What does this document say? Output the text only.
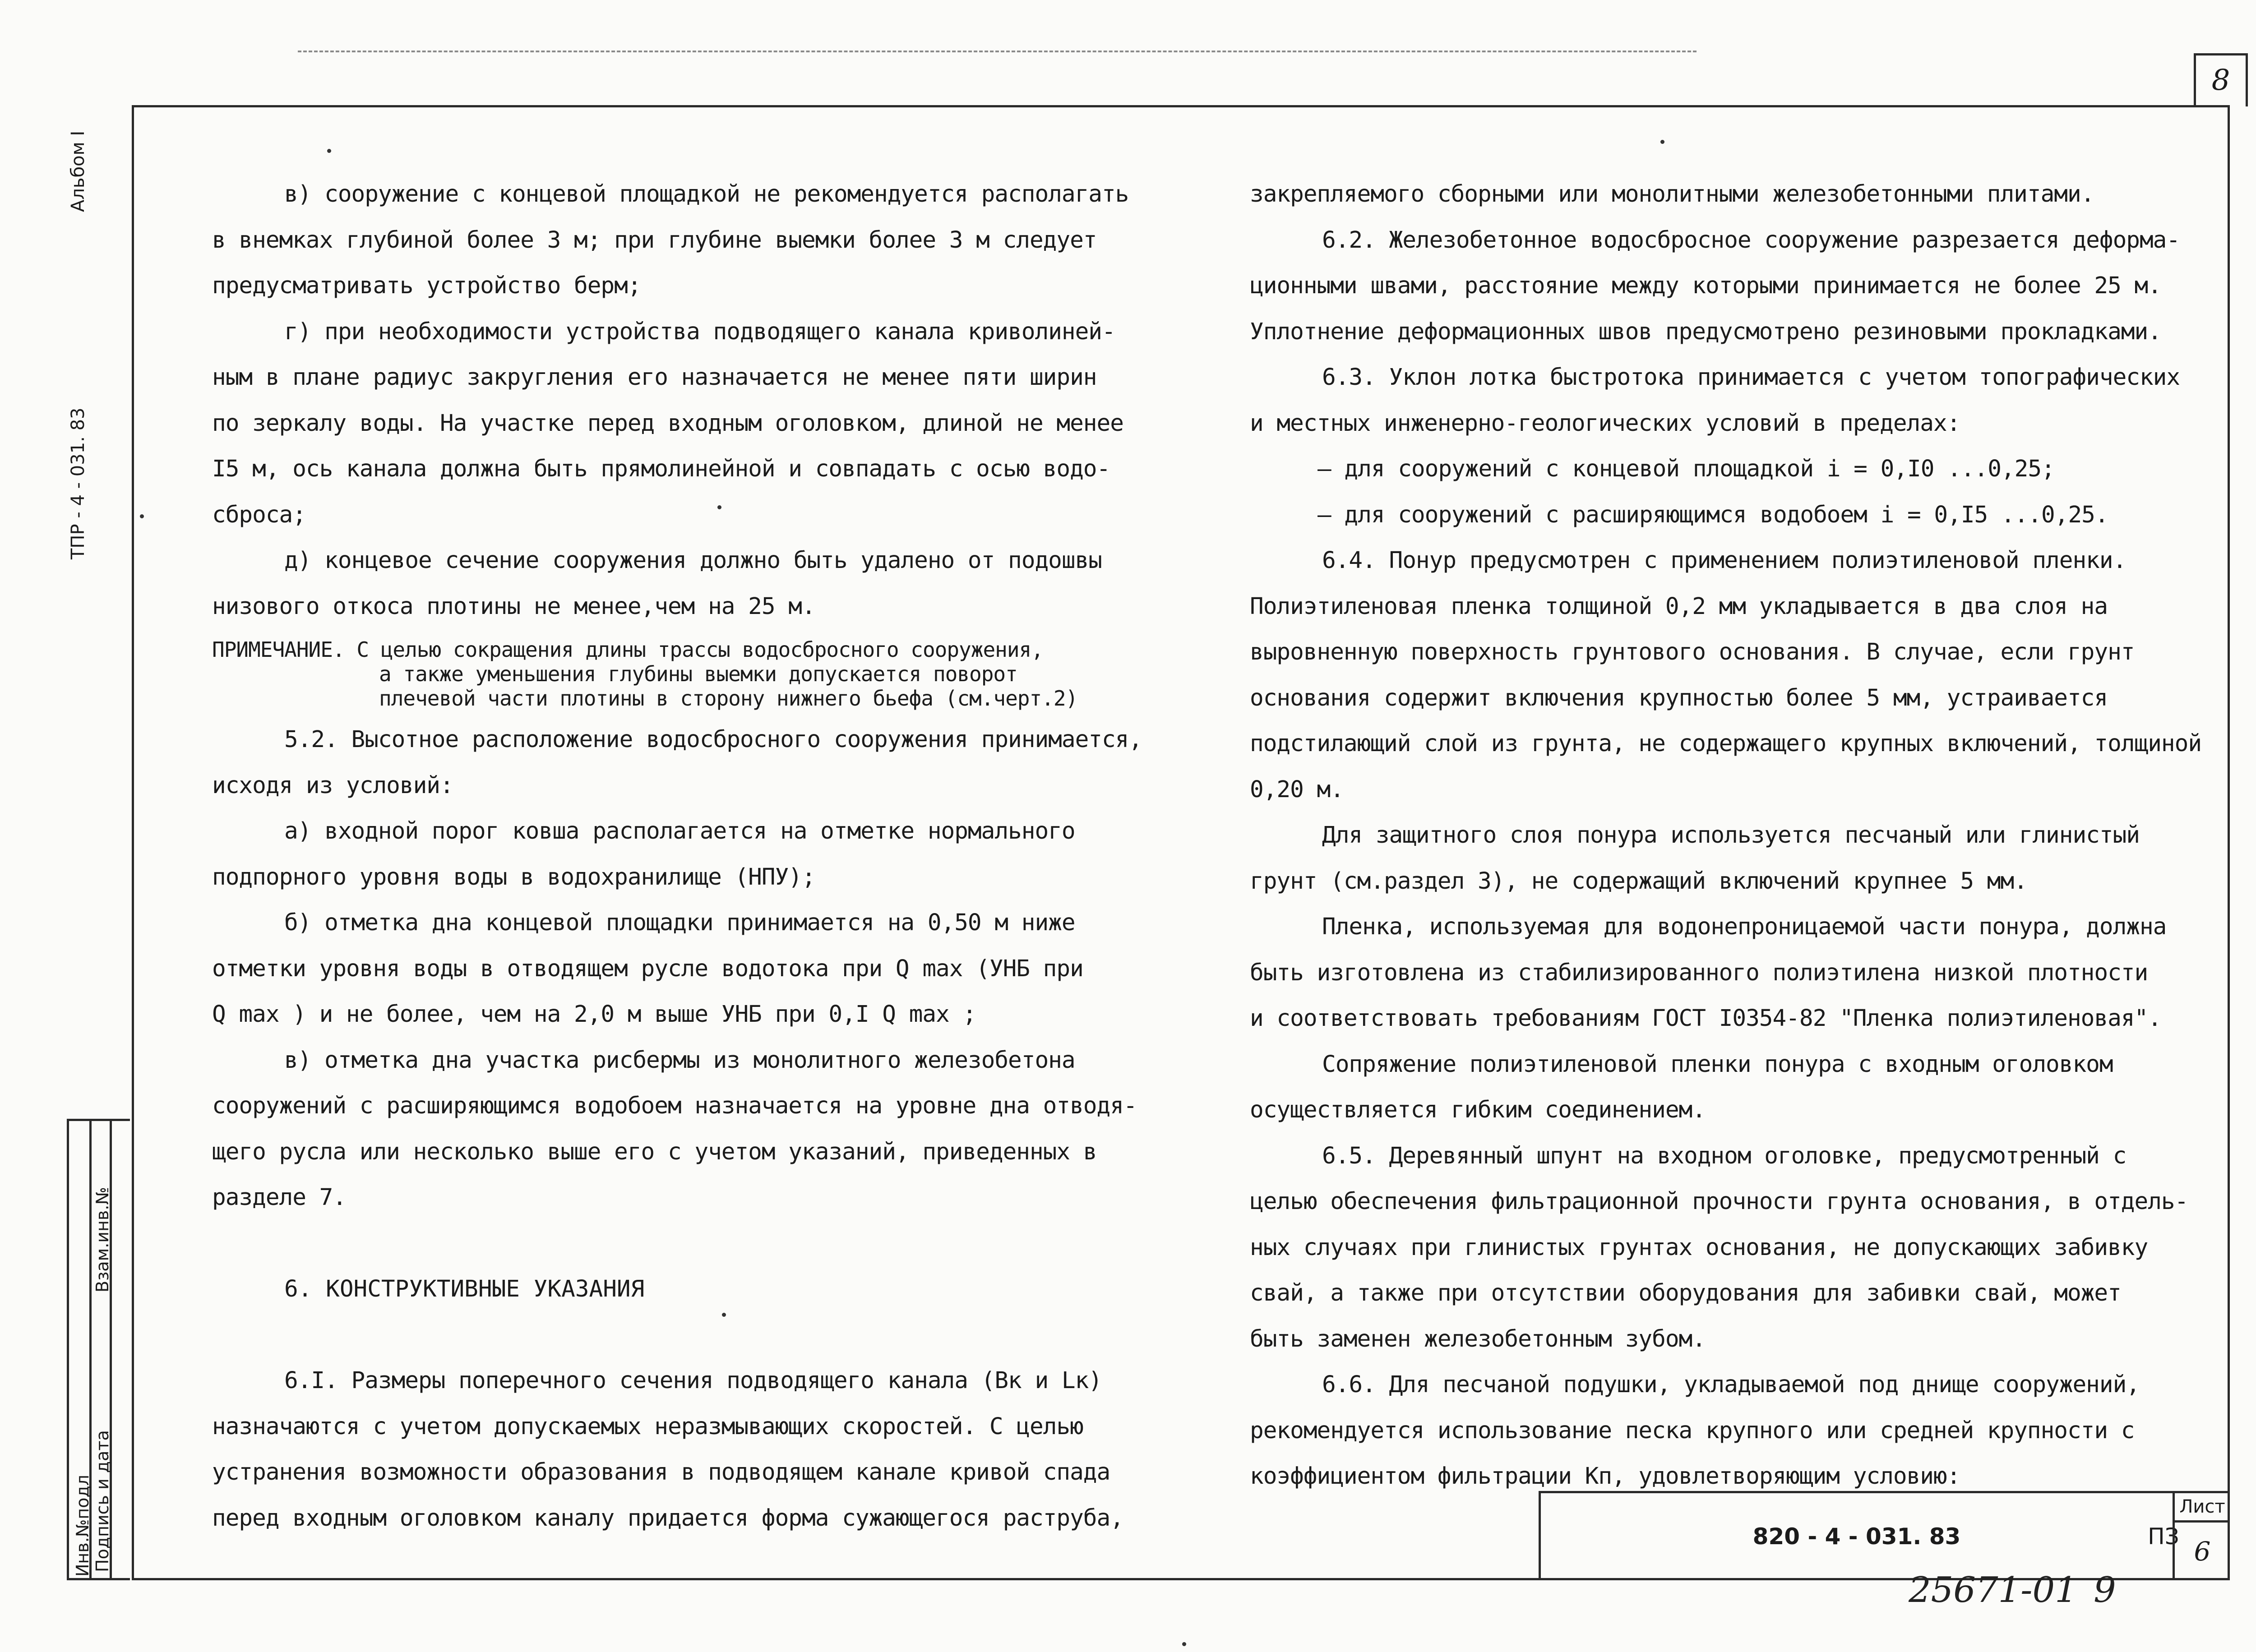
8
Альбом I
ТПР - 4 - 031. 83
Инв.№подл Подпись и дата
Взам.инв.№
в) сооружение с концевой площадкой не рекомендуется располагать
в внемках глубиной более 3 м; при глубине выемки более 3 м следует
предусматривать устройство берм;
г) при необходимости устройства подводящего канала криволиней-
ным в плане радиус закругления его назначается не менее пяти ширин
по зеркалу воды. На участке перед входным оголовком, длиной не менее
I5 м, ось канала должна быть прямолинейной и совпадать с осью водо-
сброса;
д) концевое сечение сооружения должно быть удалено от подошвы
низового откоса плотины не менее,чем на 25 м.
ПРИМЕЧАНИЕ. С целью сокращения длины трассы водосбросного сооружения,
а также уменьшения глубины выемки допускается поворот
плечевой части плотины в сторону нижнего бьефа (см.черт.2)
5.2. Высотное расположение водосбросного сооружения принимается,
исходя из условий:
а) входной порог ковша располагается на отметке нормального
подпорного уровня воды в водохранилище (НПУ);
б) отметка дна концевой площадки принимается на 0,50 м ниже
отметки уровня воды в отводящем русле водотока при Q max (УНБ при
Q max ) и не более, чем на 2,0 м выше УНБ при 0,I Q max ;
в) отметка дна участка рисбермы из монолитного железобетона
сооружений с расширяющимся водобоем назначается на уровне дна отводя-
щего русла или несколько выше его с учетом указаний, приведенных в
разделе 7.
6. КОНСТРУКТИВНЫЕ УКАЗАНИЯ
6.I. Размеры поперечного сечения подводящего канала (Вк и Lк)
назначаются с учетом допускаемых неразмывающих скоростей. С целью
устранения возможности образования в подводящем канале кривой спада
перед входным оголовком каналу придается форма сужающегося раструба,
закрепляемого сборными или монолитными железобетонными плитами.
6.2. Железобетонное водосбросное сооружение разрезается деформа-
ционными швами, расстояние между которыми принимается не более 25 м.
Уплотнение деформационных швов предусмотрено резиновыми прокладками.
6.3. Уклон лотка быстротока принимается с учетом топографических
и местных инженерно-геологических условий в пределах:
– для сооружений с концевой площадкой i = 0,I0 ...0,25;
– для сооружений с расширяющимся водобоем i = 0,I5 ...0,25.
6.4. Понур предусмотрен с применением полиэтиленовой пленки.
Полиэтиленовая пленка толщиной 0,2 мм укладывается в два слоя на
выровненную поверхность грунтового основания. В случае, если грунт
основания содержит включения крупностью более 5 мм, устраивается
подстилающий слой из грунта, не содержащего крупных включений, толщиной
0,20 м.
Для защитного слоя понура используется песчаный или глинистый
грунт (см.раздел 3), не содержащий включений крупнее 5 мм.
Пленка, используемая для водонепроницаемой части понура, должна
быть изготовлена из стабилизированного полиэтилена низкой плотности
и соответствовать требованиям ГОСТ I0354-82 "Пленка полиэтиленовая".
Сопряжение полиэтиленовой пленки понура с входным оголовком
осуществляется гибким соединением.
6.5. Деревянный шпунт на входном оголовке, предусмотренный с
целью обеспечения фильтрационной прочности грунта основания, в отдель-
ных случаях при глинистых грунтах основания, не допускающих забивку
свай, а также при отсутствии оборудования для забивки свай, может
быть заменен железобетонным зубом.
6.6. Для песчаной подушки, укладываемой под днище сооружений,
рекомендуется использование песка крупного или средней крупности с
коэффициентом фильтрации Кп, удовлетворяющим условию:
820 - 4 - 031. 83	ПЗ
Лист
6
25671-01 9
